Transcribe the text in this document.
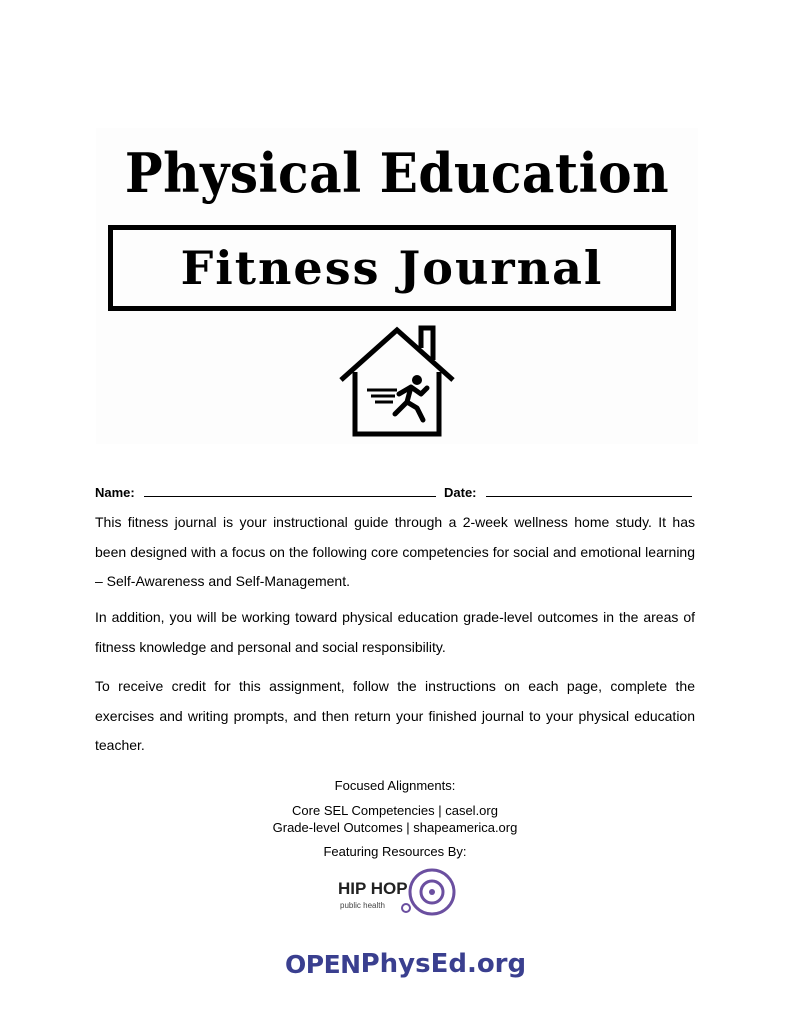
Physical Education
Fitness Journal
Name:	Date:

This fitness journal is your instructional guide through a 2-week wellness home study. It has been designed with a focus on the following core competencies for social and emotional learning – Self-Awareness and Self-Management.

In addition, you will be working toward physical education grade-level outcomes in the areas of fitness knowledge and personal and social responsibility.

To receive credit for this assignment, follow the instructions on each page, complete the exercises and writing prompts, and then return your finished journal to your physical education teacher.

Focused Alignments:
Core SEL Competencies | casel.org
Grade-level Outcomes | shapeamerica.org
Featuring Resources By:
HIP HOP
public health
OPEN PhysEd.org
